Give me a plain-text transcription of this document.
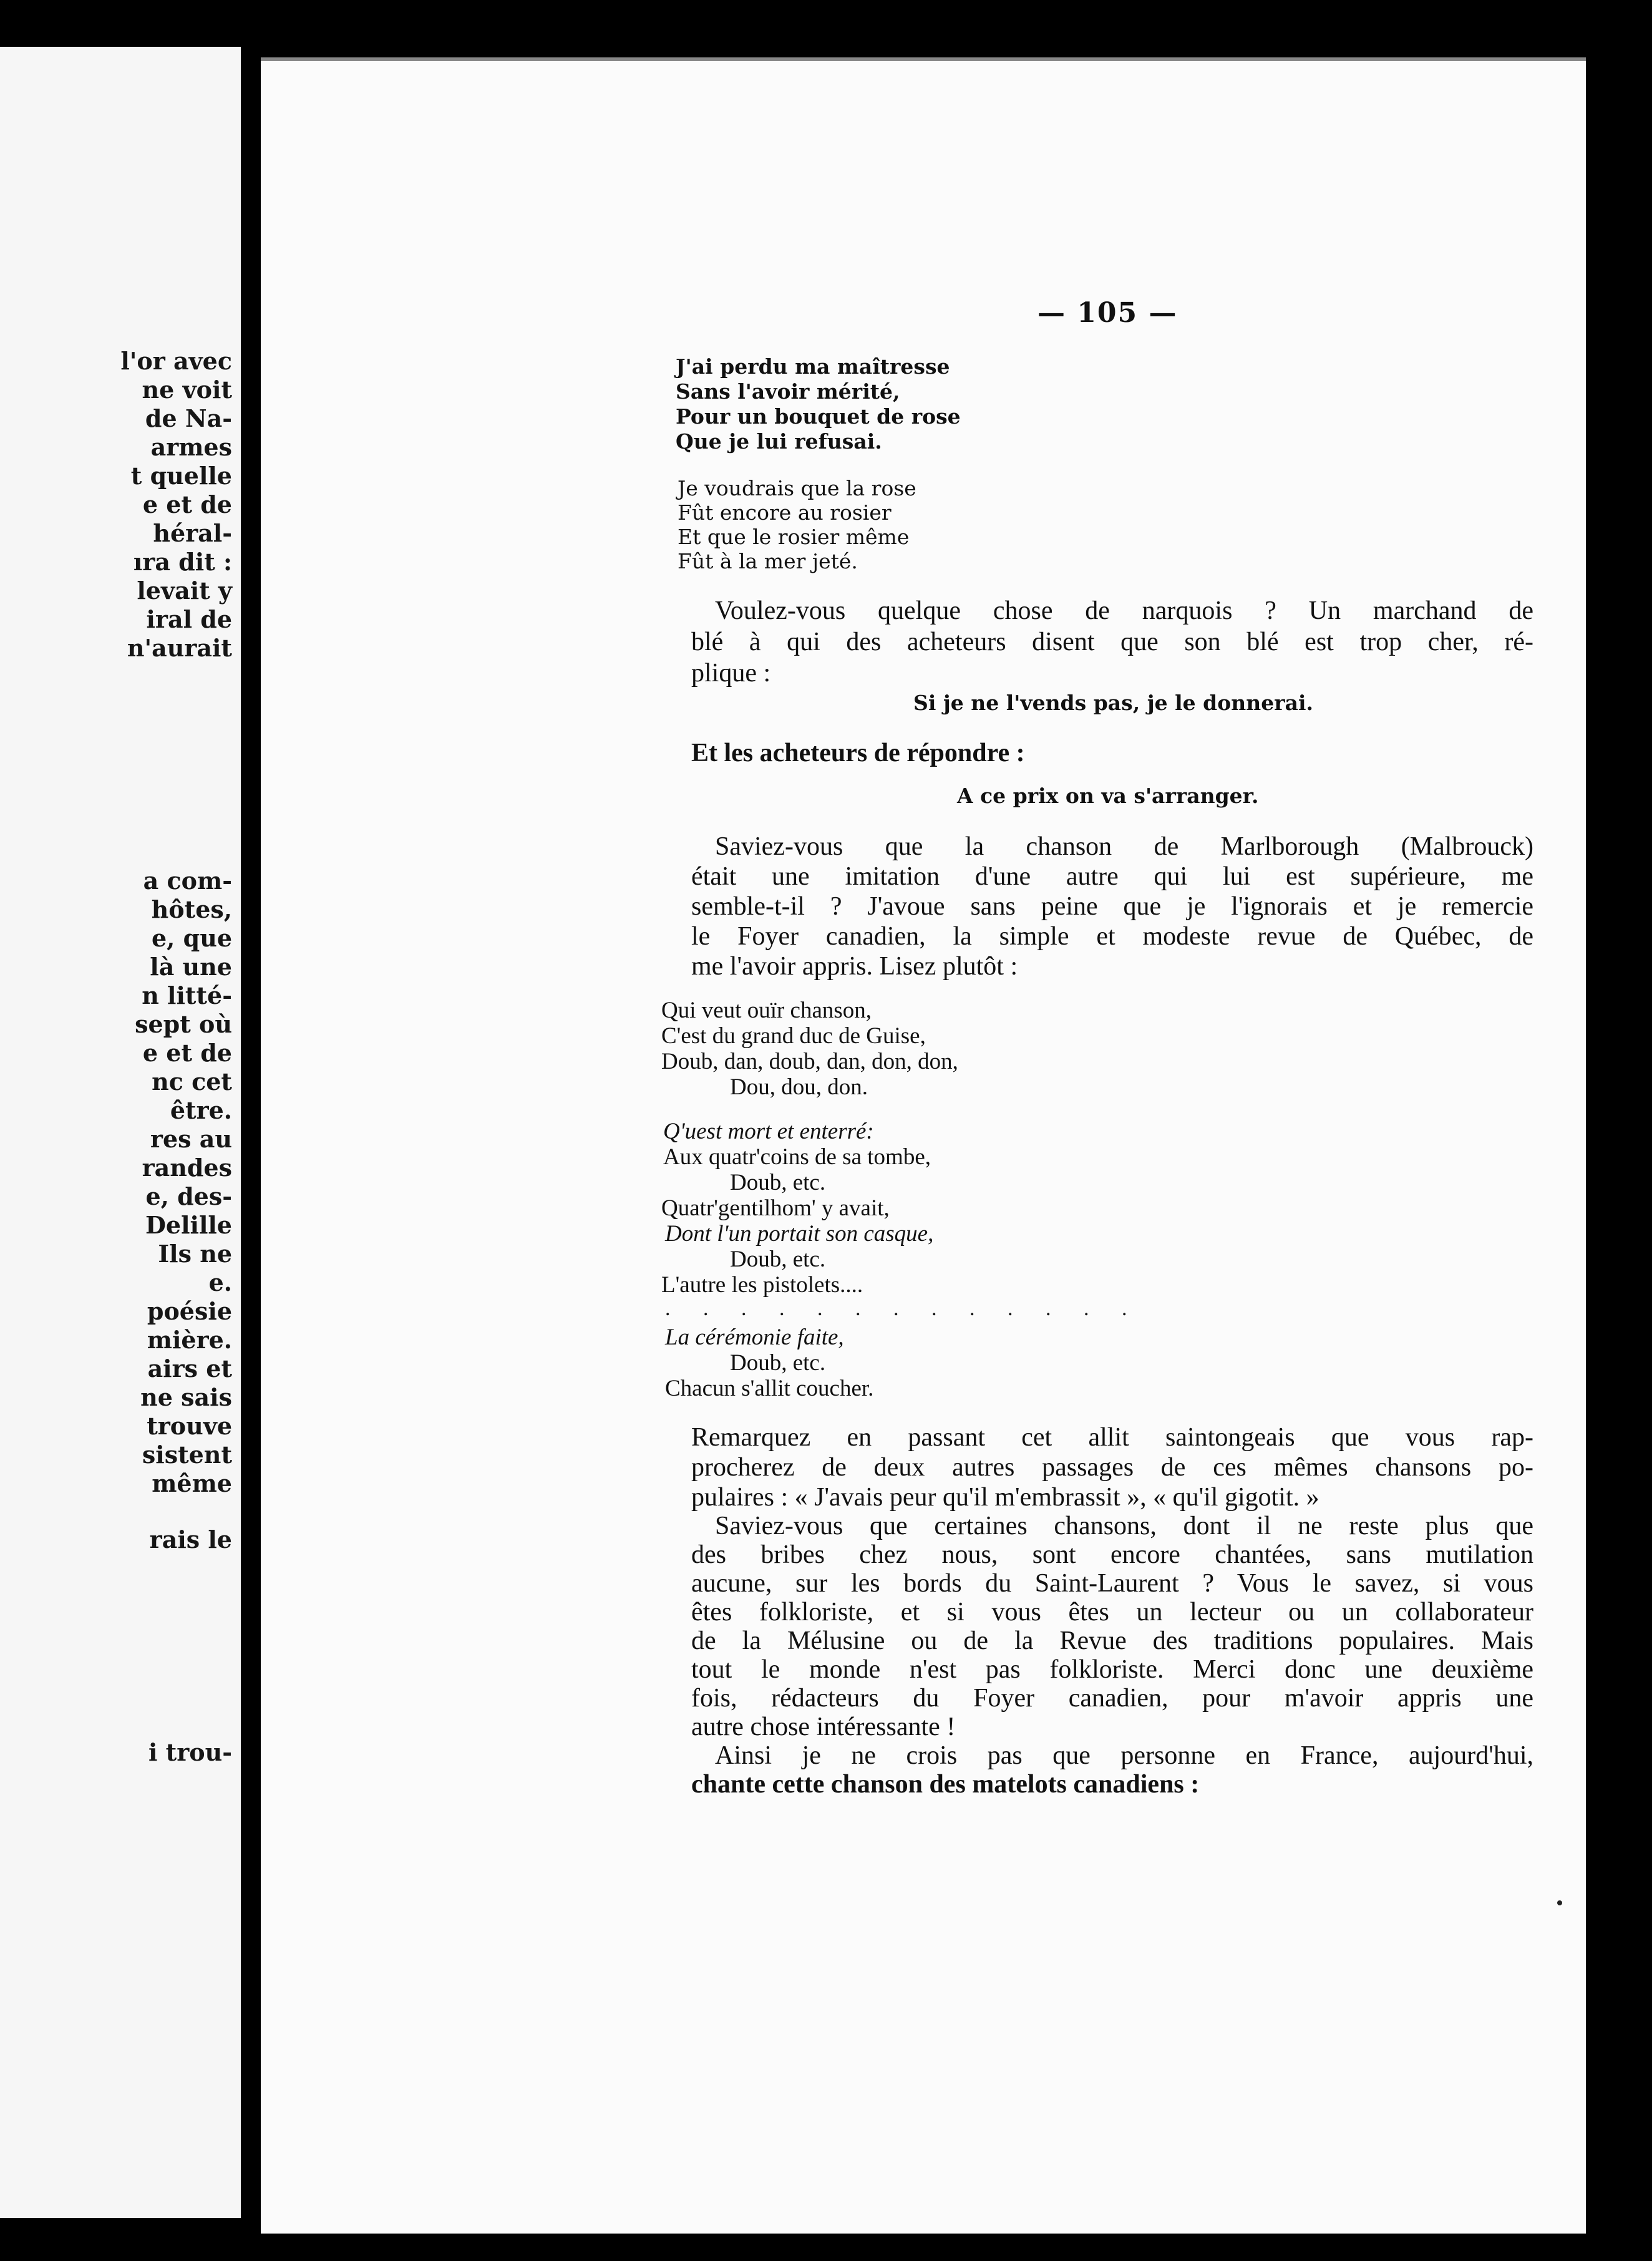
l'or avec
ne voit
de Na-
armes
t quelle
e et de
héral-
ıra dit :
levait y
iral de
n'aurait
a com-
hôtes,
e, que
là une
n litté-
sept où
e et de
nc cet
être.
res au
randes
e, des-
Delille
Ils ne
e.
poésie
mière.
airs et
ne sais
trouve
sistent
même
rais le
i trou-
— 105 —
J'ai perdu ma maîtresse
Sans l'avoir mérité,
Pour un bouquet de rose
Que je lui refusai.
Je voudrais que la rose
Fût encore au rosier
Et que le rosier même
Fût à la mer jeté.
Voulez-vous quelque chose de narquois ? Un marchand de
blé à qui des acheteurs disent que son blé est trop cher, ré-
plique :
Si je ne l'vends pas, je le donnerai.
Et les acheteurs de répondre :
A ce prix on va s'arranger.
Saviez-vous que la chanson de Marlborough (Malbrouck)
était une imitation d'une autre qui lui est supérieure, me
semble-t-il ? J'avoue sans peine que je l'ignorais et je remercie
le Foyer canadien, la simple et modeste revue de Québec, de
me l'avoir appris. Lisez plutôt :
Qui veut ouïr chanson,
C'est du grand duc de Guise,
Doub, dan, doub, dan, don, don,
Dou, dou, don.
Q'uest mort et enterré:
Aux quatr'coins de sa tombe,
Doub, etc.
Quatr'gentilhom' y avait,
Dont l'un portait son casque,
Doub, etc.
L'autre les pistolets....
. . . . . . . . . . . . .
La cérémonie faite,
Doub, etc.
Chacun s'allit coucher.
Remarquez en passant cet allit saintongeais que vous rap-
procherez de deux autres passages de ces mêmes chansons po-
pulaires : « J'avais peur qu'il m'embrassit », « qu'il gigotit. »
Saviez-vous que certaines chansons, dont il ne reste plus que
des bribes chez nous, sont encore chantées, sans mutilation
aucune, sur les bords du Saint-Laurent ? Vous le savez, si vous
êtes folkloriste, et si vous êtes un lecteur ou un collaborateur
de la Mélusine ou de la Revue des traditions populaires. Mais
tout le monde n'est pas folkloriste. Merci donc une deuxième
fois, rédacteurs du Foyer canadien, pour m'avoir appris une
autre chose intéressante !
Ainsi je ne crois pas que personne en France, aujourd'hui,
chante cette chanson des matelots canadiens :
